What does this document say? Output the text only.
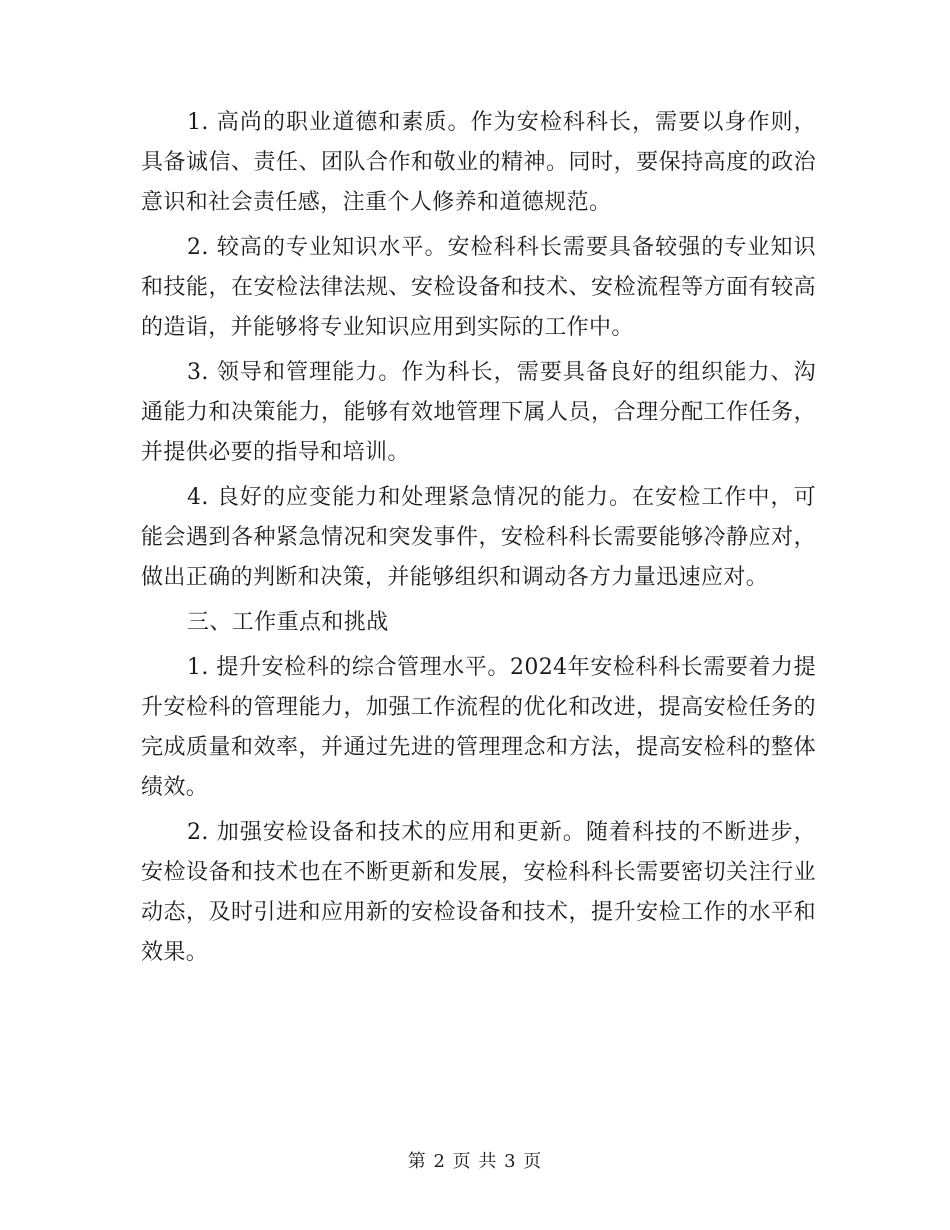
1. 高尚的职业道德和素质。作为安检科科长，需要以身作则，具备诚信、责任、团队合作和敬业的精神。同时，要保持高度的政治意识和社会责任感，注重个人修养和道德规范。

2. 较高的专业知识水平。安检科科长需要具备较强的专业知识和技能，在安检法律法规、安检设备和技术、安检流程等方面有较高的造诣，并能够将专业知识应用到实际的工作中。

3. 领导和管理能力。作为科长，需要具备良好的组织能力、沟通能力和决策能力，能够有效地管理下属人员，合理分配工作任务，并提供必要的指导和培训。

4. 良好的应变能力和处理紧急情况的能力。在安检工作中，可能会遇到各种紧急情况和突发事件，安检科科长需要能够冷静应对，做出正确的判断和决策，并能够组织和调动各方力量迅速应对。

三、工作重点和挑战

1. 提升安检科的综合管理水平。2024年安检科科长需要着力提升安检科的管理能力，加强工作流程的优化和改进，提高安检任务的完成质量和效率，并通过先进的管理理念和方法，提高安检科的整体绩效。

2. 加强安检设备和技术的应用和更新。随着科技的不断进步，安检设备和技术也在不断更新和发展，安检科科长需要密切关注行业动态，及时引进和应用新的安检设备和技术，提升安检工作的水平和效果。

第 2 页 共 3 页
